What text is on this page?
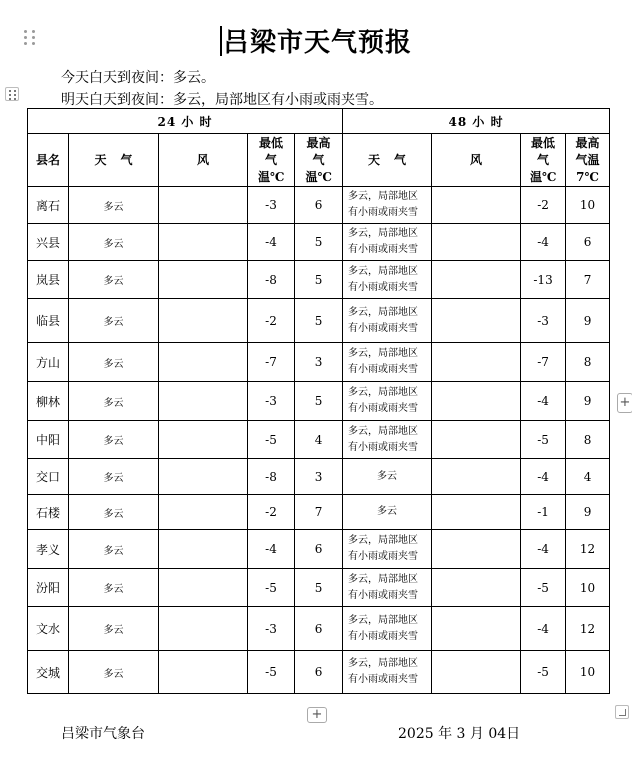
吕梁市天气预报
今天白天到夜间：多云。
明天白天到夜间：多云，局部地区有小雨或雨夹雪。
24 小 时					48 小 时			
县名	天气	风	最低气温℃	最高气温℃	天气	风	最低气温℃	最高气温7℃
离石	多云		-3	6	多云，局部地区
有小雨或雨夹雪		-2	10
兴县	多云		-4	5	多云，局部地区
有小雨或雨夹雪		-4	6
岚县	多云		-8	5	多云，局部地区
有小雨或雨夹雪		-13	7
临县	多云		-2	5	多云，局部地区
有小雨或雨夹雪		-3	9
方山	多云		-7	3	多云，局部地区
有小雨或雨夹雪		-7	8
柳林	多云		-3	5	多云，局部地区
有小雨或雨夹雪		-4	9
中阳	多云		-5	4	多云，局部地区
有小雨或雨夹雪		-5	8
交口	多云		-8	3	多云		-4	4
石楼	多云		-2	7	多云		-1	9
孝义	多云		-4	6	多云，局部地区
有小雨或雨夹雪		-4	12
汾阳	多云		-5	5	多云，局部地区
有小雨或雨夹雪		-5	10
文水	多云		-3	6	多云，局部地区
有小雨或雨夹雪		-4	12
交城	多云		-5	6	多云，局部地区
有小雨或雨夹雪		-5	10
+
+
吕梁市气象台	2025 年 3 月 04日
